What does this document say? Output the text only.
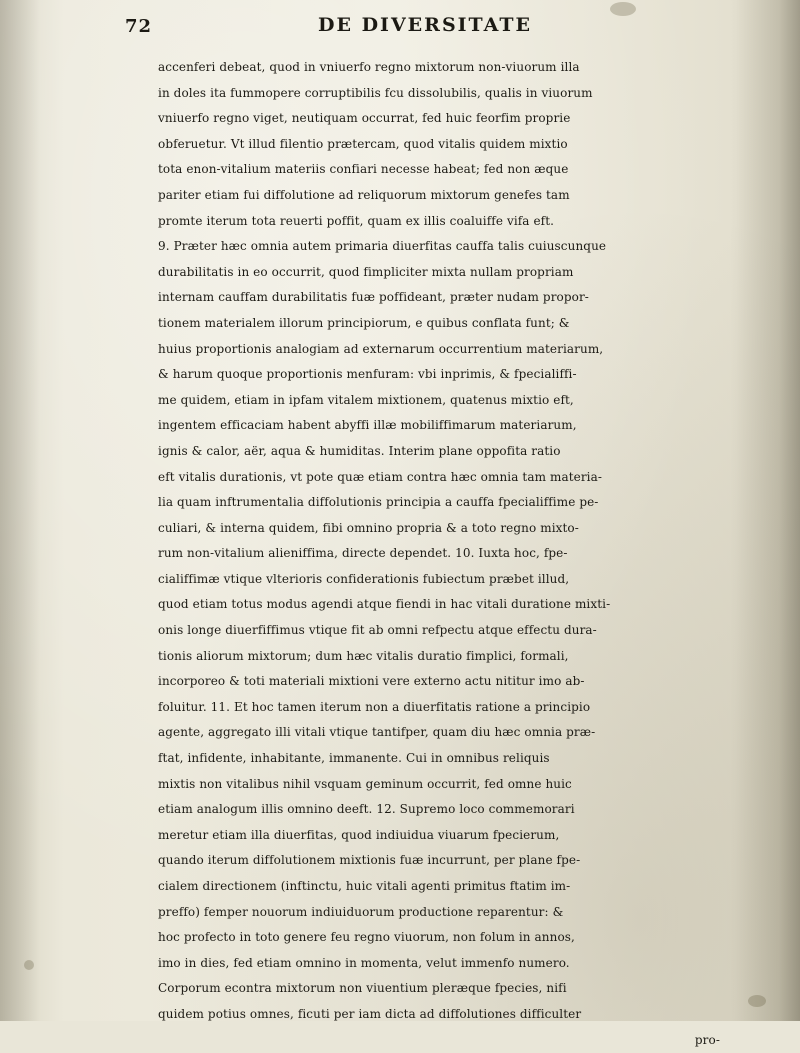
72	DE DIVERSITATE
accenferi debeat, quod in vniuerfo regno mixtorum non-viuorum illa
in doles ita fummopere corruptibilis fcu dissolubilis, qualis in viuorum
vniuerfo regno viget, neutiquam occurrat, fed huic feorfim proprie
obferuetur. Vt illud filentio prætercam, quod vitalis quidem mixtio
tota enon-vitalium materiis confiari necesse habeat; fed non æque
pariter etiam fui diffolutione ad reliquorum mixtorum genefes tam
promte iterum tota reuerti poffit, quam ex illis coaluiffe vifa eft.
9. Præter hæc omnia autem primaria diuerfitas cauffa talis cuiuscunque
durabilitatis in eo occurrit, quod fimpliciter mixta nullam propriam
internam cauffam durabilitatis fuæ poffideant, præter nudam propor-
tionem materialem illorum principiorum, e quibus conflata funt; &
huius proportionis analogiam ad externarum occurrentium materiarum,
& harum quoque proportionis menfuram: vbi inprimis, & fpecialiffi-
me quidem, etiam in ipfam vitalem mixtionem, quatenus mixtio eft,
ingentem efficaciam habent abyffi illæ mobiliffimarum materiarum,
ignis & calor, aër, aqua & humiditas. Interim plane oppofita ratio
eft vitalis durationis, vt pote quæ etiam contra hæc omnia tam materia-
lia quam inftrumentalia diffolutionis principia a cauffa fpecialiffime pe-
culiari, & interna quidem, fibi omnino propria & a toto regno mixto-
rum non-vitalium alieniffima, directe dependet. 10. Iuxta hoc, fpe-
cialiffimæ vtique vlterioris confiderationis fubiectum præbet illud,
quod etiam totus modus agendi atque fiendi in hac vitali duratione mixti-
onis longe diuerfiffimus vtique fit ab omni refpectu atque effectu dura-
tionis aliorum mixtorum; dum hæc vitalis duratio fimplici, formali,
incorporeo & toti materiali mixtioni vere externo actu nititur imo ab-
foluitur. 11. Et hoc tamen iterum non a diuerfitatis ratione a principio
agente, aggregato illi vitali vtique tantifper, quam diu hæc omnia præ-
ftat, infidente, inhabitante, immanente. Cui in omnibus reliquis
mixtis non vitalibus nihil vsquam geminum occurrit, fed omne huic
etiam analogum illis omnino deeft. 12. Supremo loco commemorari
meretur etiam illa diuerfitas, quod indiuidua viuarum fpecierum,
quando iterum diffolutionem mixtionis fuæ incurrunt, per plane fpe-
cialem directionem (inftinctu, huic vitali agenti primitus ftatim im-
preffo) femper nouorum indiuiduorum productione reparentur: &
hoc profecto in toto genere feu regno viuorum, non folum in annos,
imo in dies, fed etiam omnino in momenta, velut immenfo numero.
Corporum econtra mixtorum non viuentium pleræque fpecies, nifi
quidem potius omnes, ficuti per iam dicta ad diffolutiones difficulter
pro-
